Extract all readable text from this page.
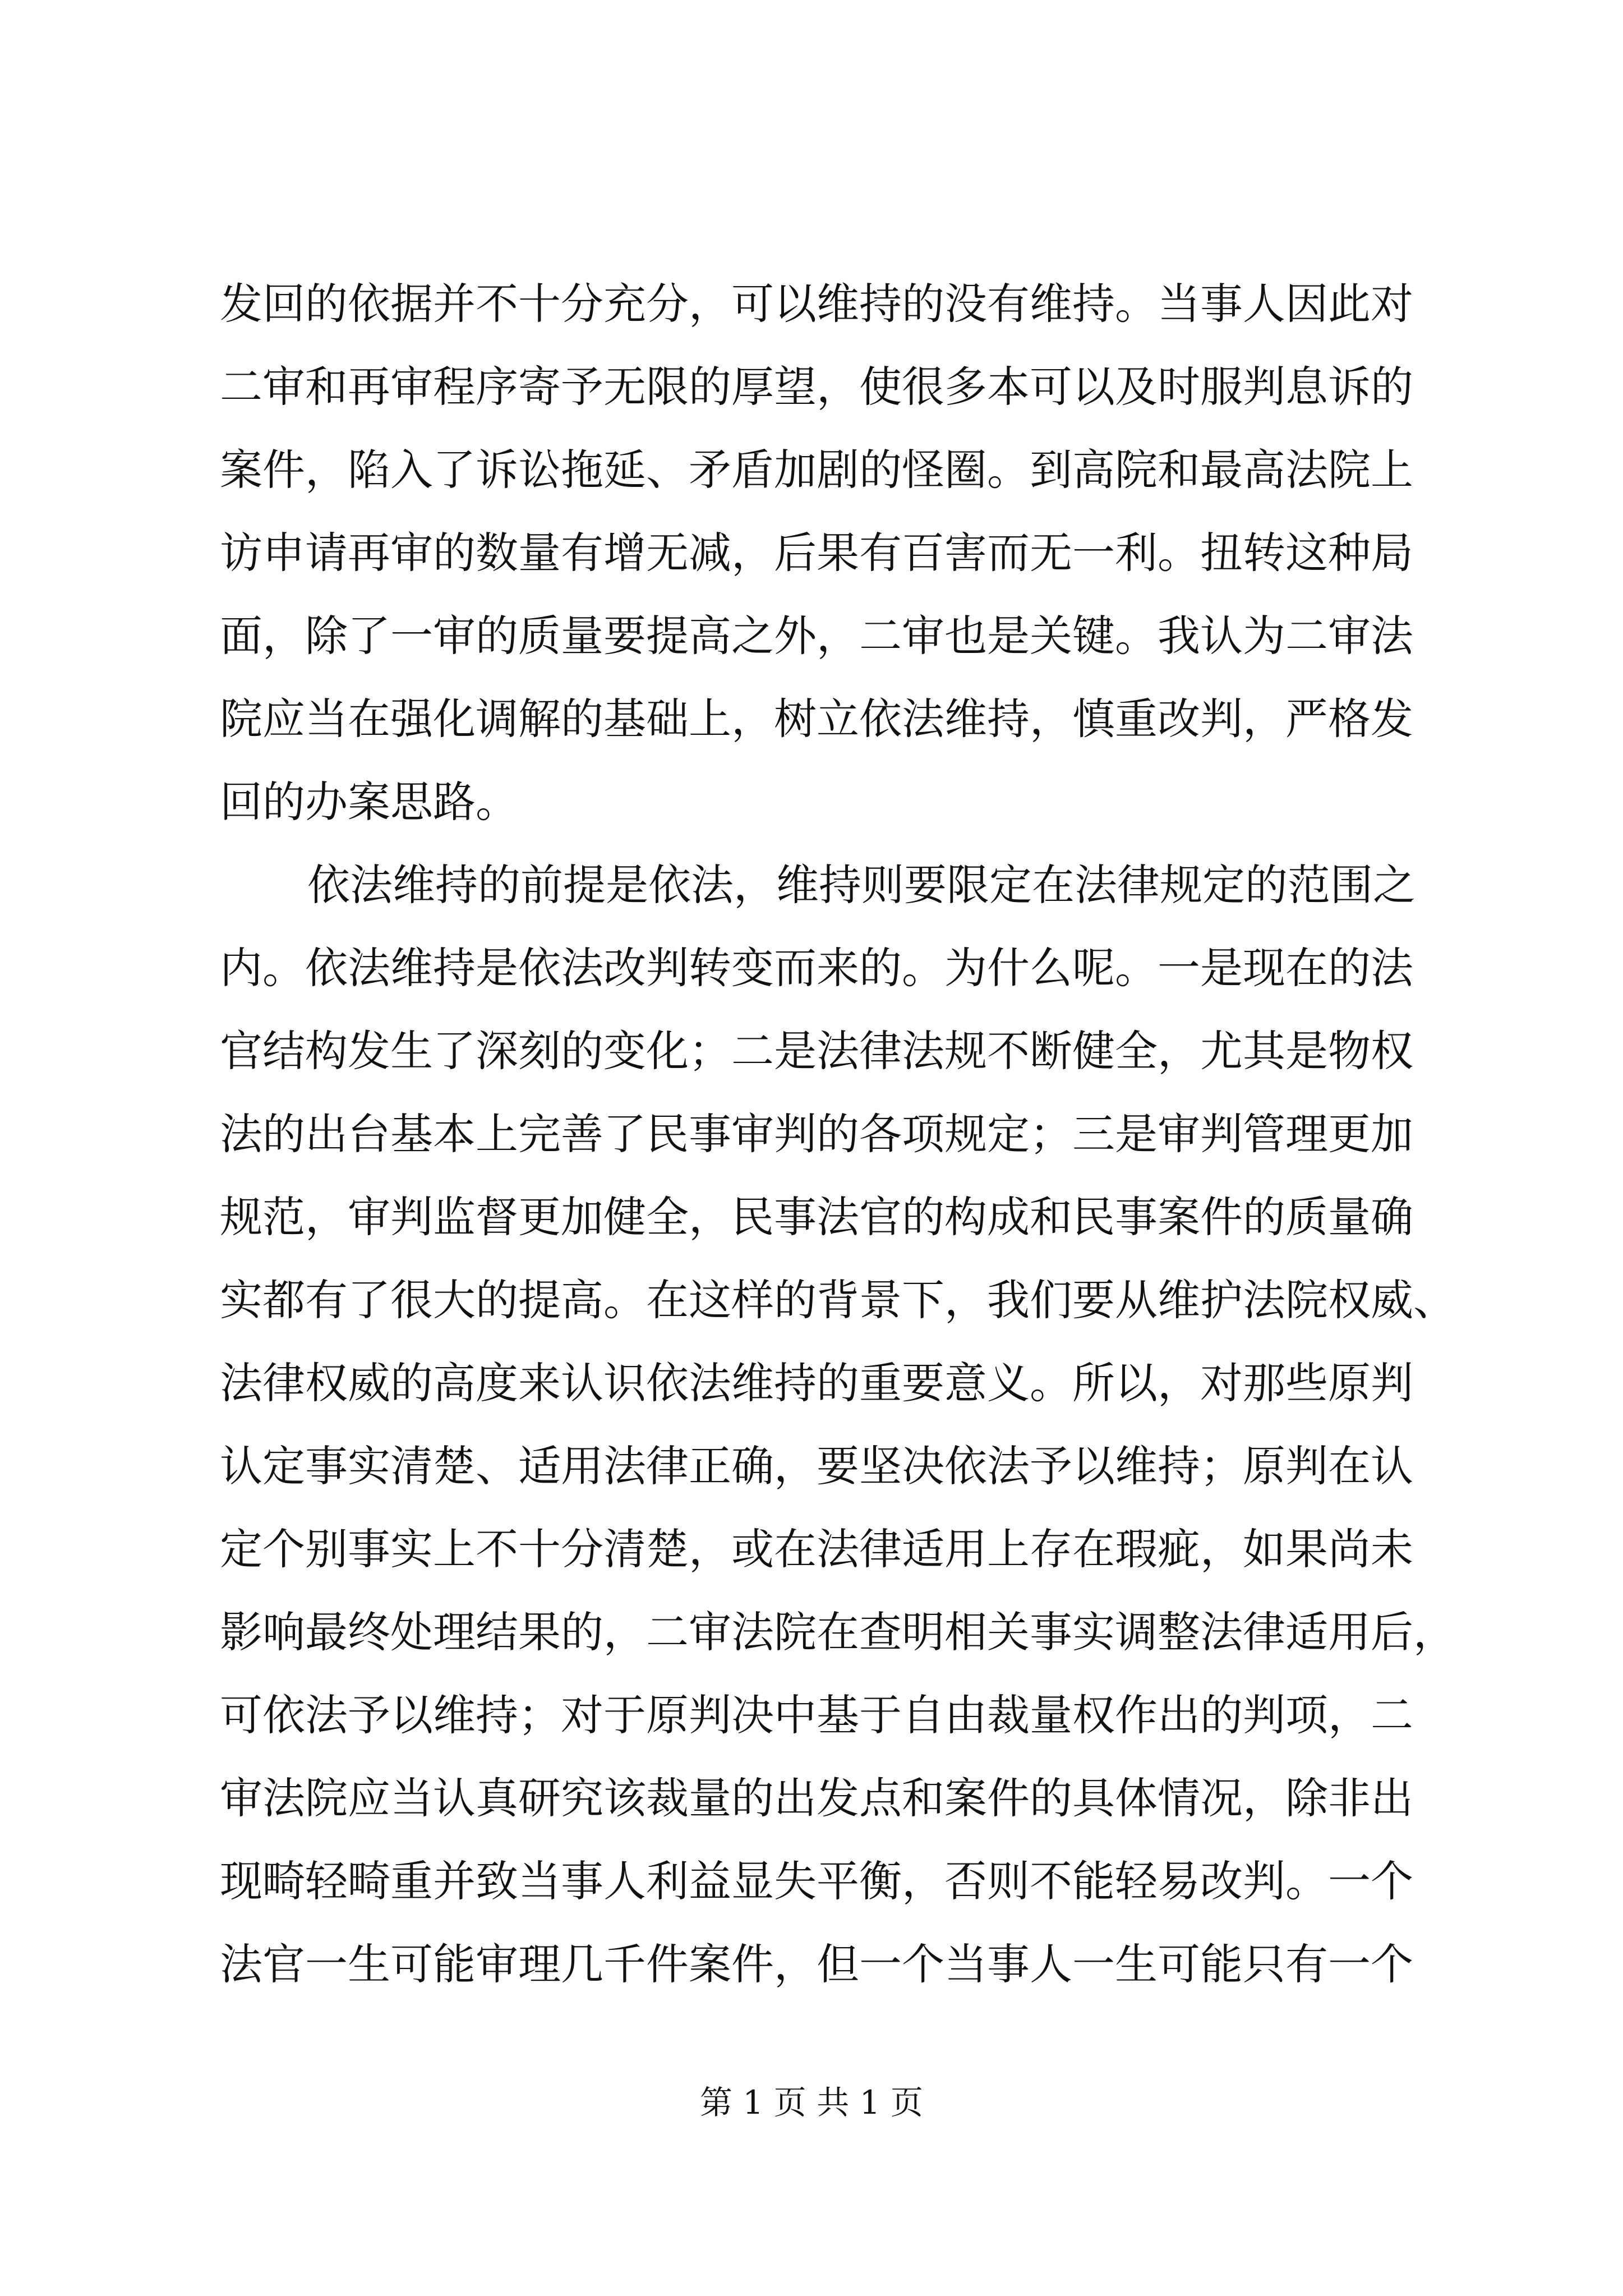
发回的依据并不十分充分，可以维持的没有维持。当事人因此对
二审和再审程序寄予无限的厚望，使很多本可以及时服判息诉的
案件，陷入了诉讼拖延、矛盾加剧的怪圈。到高院和最高法院上
访申请再审的数量有增无减，后果有百害而无一利。扭转这种局
面，除了一审的质量要提高之外，二审也是关键。我认为二审法
院应当在强化调解的基础上，树立依法维持，慎重改判，严格发
回的办案思路。
依法维持的前提是依法，维持则要限定在法律规定的范围之
内。依法维持是依法改判转变而来的。为什么呢。一是现在的法
官结构发生了深刻的变化；二是法律法规不断健全，尤其是物权
法的出台基本上完善了民事审判的各项规定；三是审判管理更加
规范，审判监督更加健全，民事法官的构成和民事案件的质量确
实都有了很大的提高。在这样的背景下，我们要从维护法院权威、
法律权威的高度来认识依法维持的重要意义。所以，对那些原判
认定事实清楚、适用法律正确，要坚决依法予以维持；原判在认
定个别事实上不十分清楚，或在法律适用上存在瑕疵，如果尚未
影响最终处理结果的，二审法院在查明相关事实调整法律适用后，
可依法予以维持；对于原判决中基于自由裁量权作出的判项，二
审法院应当认真研究该裁量的出发点和案件的具体情况，除非出
现畸轻畸重并致当事人利益显失平衡，否则不能轻易改判。一个
法官一生可能审理几千件案件，但一个当事人一生可能只有一个
第 1 页 共 1 页
